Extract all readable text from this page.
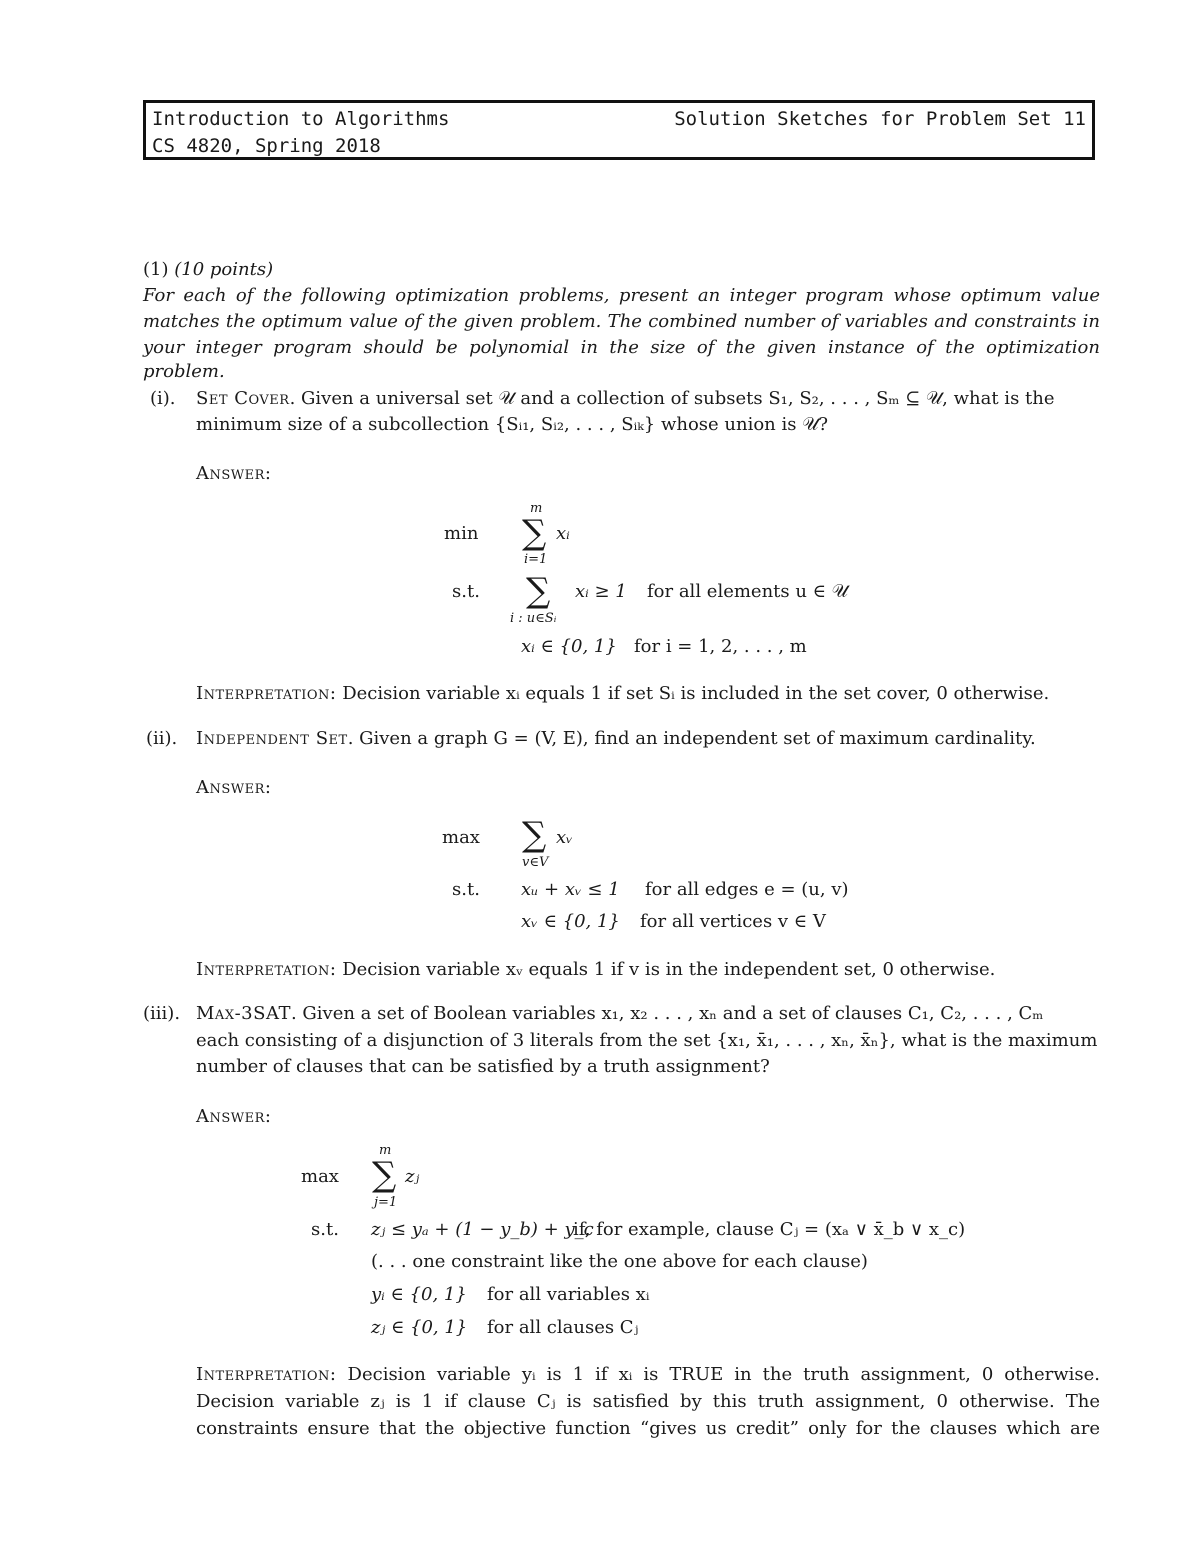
Introduction to Algorithms	Solution Sketches for Problem Set 11
CS 4820, Spring 2018
(1) (10 points)
For each of the following optimization problems, present an integer program whose optimum value
matches the optimum value of the given problem. The combined number of variables and constraints in
your integer program should be polynomial in the size of the given instance of the optimization problem.
(i). Set Cover. Given a universal set 𝒰 and a collection of subsets S₁, S₂, . . . , Sₘ ⊆ 𝒰, what is the
minimum size of a subcollection {Sᵢ₁, Sᵢ₂, . . . , Sᵢₖ} whose union is 𝒰?
Answer:
min
m
∑ xᵢ
i=1
s.t. ∑ xᵢ ≥ 1 for all elements u ∈ 𝒰
i : u∈Sᵢ
xᵢ ∈ {0, 1} for i = 1, 2, . . . , m
Interpretation: Decision variable xᵢ equals 1 if set Sᵢ is included in the set cover, 0 otherwise.
(ii). Independent Set. Given a graph G = (V, E), find an independent set of maximum cardinality.
Answer:
max ∑ xᵥ
v∈V
s.t. xᵤ + xᵥ ≤ 1 for all edges e = (u, v)
xᵥ ∈ {0, 1} for all vertices v ∈ V
Interpretation: Decision variable xᵥ equals 1 if v is in the independent set, 0 otherwise.
(iii). Max-3SAT. Given a set of Boolean variables x₁, x₂ . . . , xₙ and a set of clauses C₁, C₂, . . . , Cₘ
each consisting of a disjunction of 3 literals from the set {x₁, x̄₁, . . . , xₙ, x̄ₙ}, what is the maximum
number of clauses that can be satisfied by a truth assignment?
Answer:
max
m
∑ zⱼ
j=1
s.t. zⱼ ≤ yₐ + (1 − y_b) + y_c
if, for example, clause Cⱼ = (xₐ ∨ x̄_b ∨ x_c)
(. . . one constraint like the one above for each clause)
yᵢ ∈ {0, 1} for all variables xᵢ
zⱼ ∈ {0, 1} for all clauses Cⱼ
Interpretation: Decision variable yᵢ is 1 if xᵢ is TRUE in the truth assignment, 0 otherwise.
Decision variable zⱼ is 1 if clause Cⱼ is satisfied by this truth assignment, 0 otherwise. The
constraints ensure that the objective function “gives us credit” only for the clauses which are
